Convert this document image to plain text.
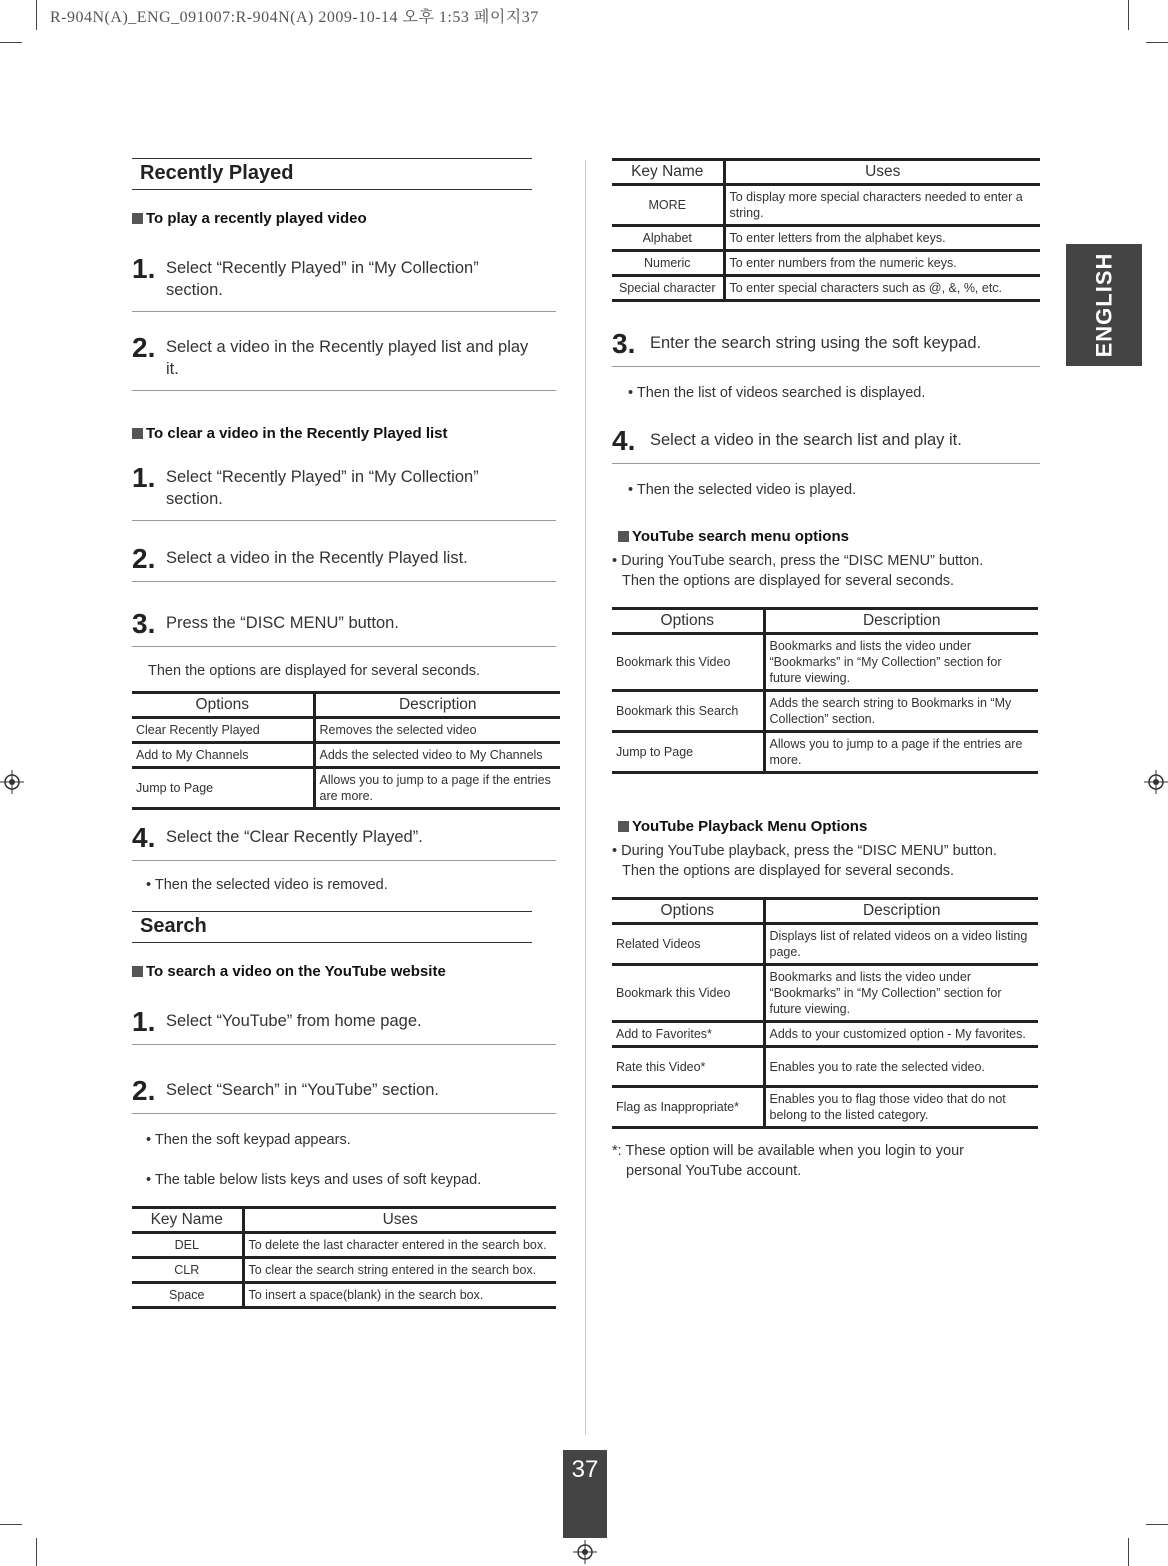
R-904N(A)_ENG_091007:R-904N(A) 2009-10-14 오후 1:53 페이지37
Recently Played
To play a recently played video
1. Select “Recently Played” in “My Collection” section.
2. Select a video in the Recently played list and play it.
To clear a video in the Recently Played list
1. Select “Recently Played” in “My Collection” section.
2. Select a video in the Recently Played list.
3. Press the “DISC MENU” button.
Then the options are displayed for several seconds.
Options	Description
Clear Recently Played	Removes the selected video
Add to My Channels	Adds the selected video to My Channels
Jump to Page	Allows you to jump to a page if the entries are more.
4. Select the “Clear Recently Played”.
• Then the selected video is removed.
Search
To search a video on the YouTube website
1. Select “YouTube” from home page.
2. Select “Search” in “YouTube” section.
• Then the soft keypad appears.
• The table below lists keys and uses of soft keypad.
Key Name	Uses
DEL	To delete the last character entered in the search box.
CLR	To clear the search string entered in the search box.
Space	To insert a space(blank) in the search box.
Key Name	Uses
MORE	To display more special characters needed to enter a string.
Alphabet	To enter letters from the alphabet keys.
Numeric	To enter numbers from the numeric keys.
Special character	To enter special characters such as @, &, %, etc.
3. Enter the search string using the soft keypad.
• Then the list of videos searched is displayed.
4. Select a video in the search list and play it.
• Then the selected video is played.
YouTube search menu options
• During YouTube search, press the “DISC MENU” button.
Then the options are displayed for several seconds.
Options	Description
Bookmark this Video	Bookmarks and lists the video under “Bookmarks” in “My Collection” section for future viewing.
Bookmark this Search	Adds the search string to Bookmarks in “My Collection” section.
Jump to Page	Allows you to jump to a page if the entries are more.
YouTube Playback Menu Options
• During YouTube playback, press the “DISC MENU” button.
Then the options are displayed for several seconds.
Options	Description
Related Videos	Displays list of related videos on a video listing page.
Bookmark this Video	Bookmarks and lists the video under “Bookmarks” in “My Collection” section for future viewing.
Add to Favorites*	Adds to your customized option - My favorites.
Rate this Video*	Enables you to rate the selected video.
Flag as Inappropriate*	Enables you to flag those video that do not belong to the listed category.
*: These option will be available when you login to your
personal YouTube account.
ENGLISH
37
